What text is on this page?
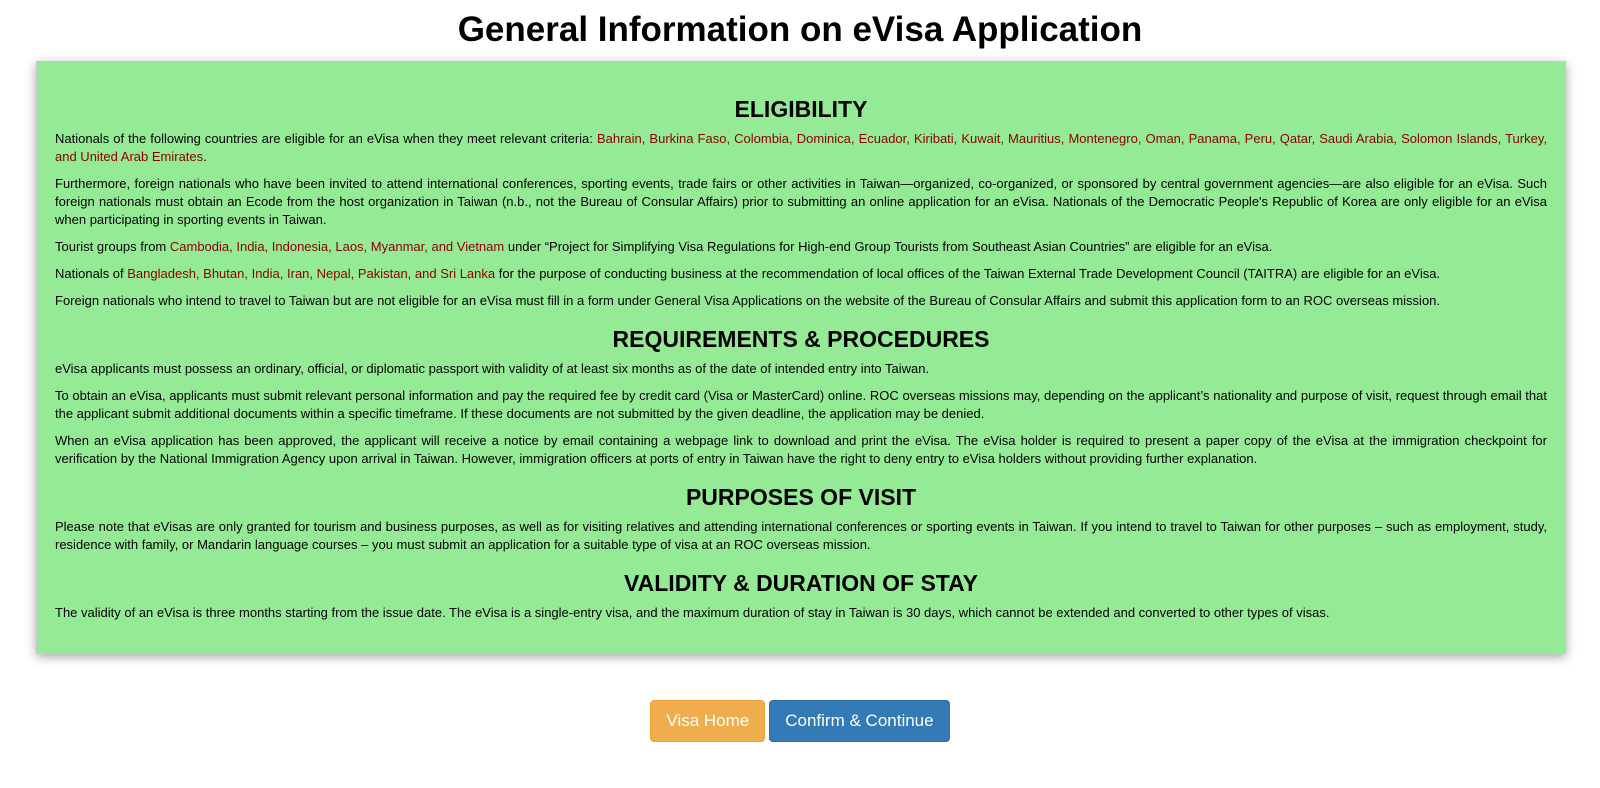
General Information on eVisa Application
ELIGIBILITY

Nationals of the following countries are eligible for an eVisa when they meet relevant criteria: Bahrain, Burkina Faso, Colombia, Dominica, Ecuador, Kiribati, Kuwait, Mauritius, Montenegro, Oman, Panama, Peru, Qatar, Saudi Arabia, Solomon Islands, Turkey, and United Arab Emirates.

Furthermore, foreign nationals who have been invited to attend international conferences, sporting events, trade fairs or other activities in Taiwan—organized, co-organized, or sponsored by central government agencies—are also eligible for an eVisa. Such foreign nationals must obtain an Ecode from the host organization in Taiwan (n.b., not the Bureau of Consular Affairs) prior to submitting an online application for an eVisa. Nationals of the Democratic People's Republic of Korea are only eligible for an eVisa when participating in sporting events in Taiwan.

Tourist groups from Cambodia, India, Indonesia, Laos, Myanmar, and Vietnam under “Project for Simplifying Visa Regulations for High-end Group Tourists from Southeast Asian Countries” are eligible for an eVisa.

Nationals of Bangladesh, Bhutan, India, Iran, Nepal, Pakistan, and Sri Lanka for the purpose of conducting business at the recommendation of local offices of the Taiwan External Trade Development Council (TAITRA) are eligible for an eVisa.

Foreign nationals who intend to travel to Taiwan but are not eligible for an eVisa must fill in a form under General Visa Applications on the website of the Bureau of Consular Affairs and submit this application form to an ROC overseas mission.

REQUIREMENTS & PROCEDURES

eVisa applicants must possess an ordinary, official, or diplomatic passport with validity of at least six months as of the date of intended entry into Taiwan.

To obtain an eVisa, applicants must submit relevant personal information and pay the required fee by credit card (Visa or MasterCard) online. ROC overseas missions may, depending on the applicant’s nationality and purpose of visit, request through email that the applicant submit additional documents within a specific timeframe. If these documents are not submitted by the given deadline, the application may be denied.

When an eVisa application has been approved, the applicant will receive a notice by email containing a webpage link to download and print the eVisa. The eVisa holder is required to present a paper copy of the eVisa at the immigration checkpoint for verification by the National Immigration Agency upon arrival in Taiwan. However, immigration officers at ports of entry in Taiwan have the right to deny entry to eVisa holders without providing further explanation.

PURPOSES OF VISIT

Please note that eVisas are only granted for tourism and business purposes, as well as for visiting relatives and attending international conferences or sporting events in Taiwan. If you intend to travel to Taiwan for other purposes – such as employment, study, residence with family, or Mandarin language courses – you must submit an application for a suitable type of visa at an ROC overseas mission.

VALIDITY & DURATION OF STAY

The validity of an eVisa is three months starting from the issue date. The eVisa is a single-entry visa, and the maximum duration of stay in Taiwan is 30 days, which cannot be extended and converted to other types of visas.

Visa Home Confirm & Continue
